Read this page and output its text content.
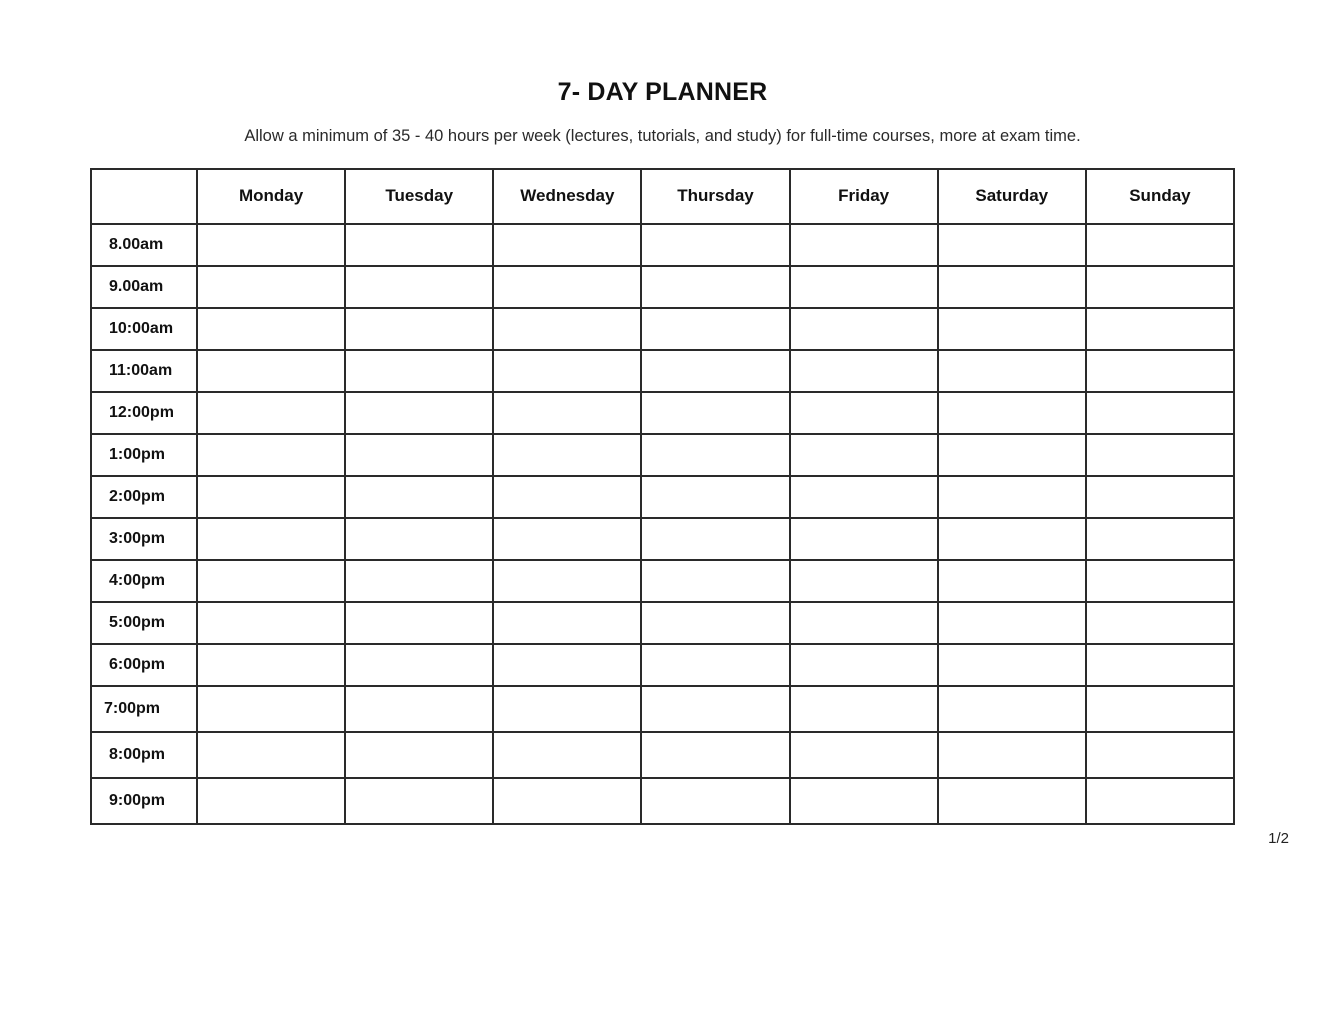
7- DAY PLANNER
Allow a minimum of 35 - 40 hours per week (lectures, tutorials, and study) for full-time courses, more at exam time.
	Monday	Tuesday	Wednesday	Thursday	Friday	Saturday	Sunday
8.00am							
9.00am							
10:00am							
11:00am							
12:00pm							
1:00pm							
2:00pm							
3:00pm							
4:00pm							
5:00pm							
6:00pm							
7:00pm							
8:00pm							
9:00pm							
1/2
